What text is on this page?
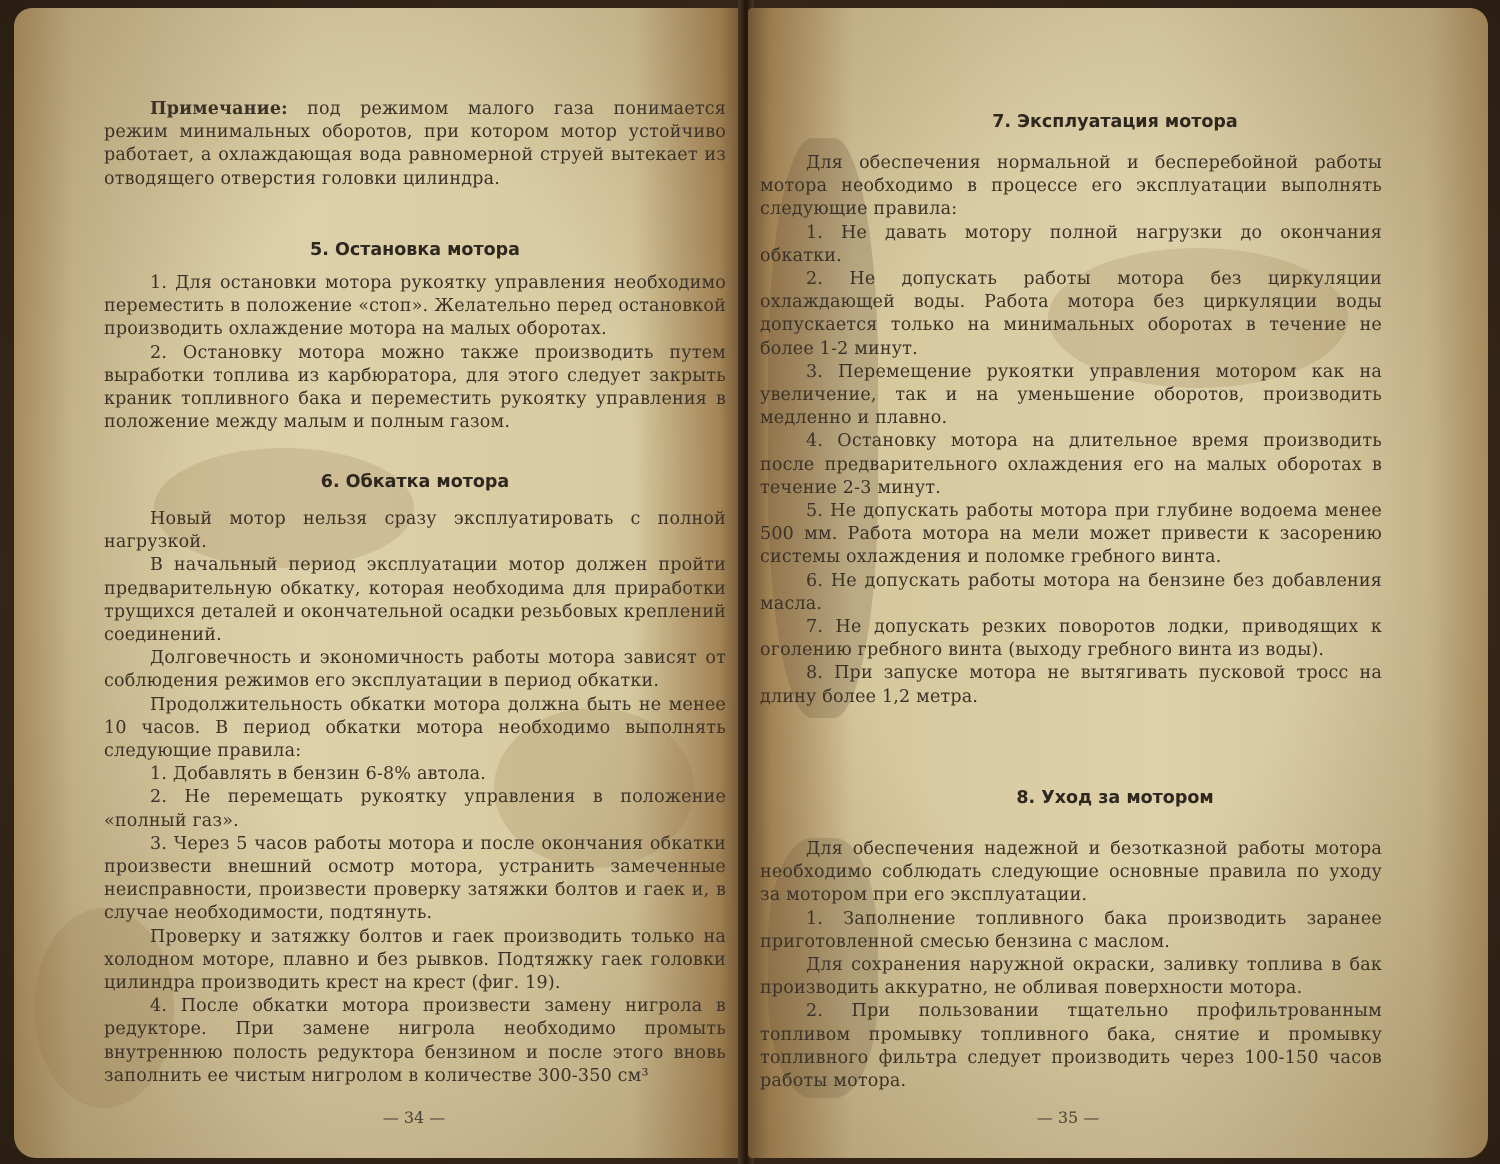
Примечание: под режимом малого газа понимается режим минимальных оборотов, при котором мотор устойчиво работает, а охлаждающая вода равномерной струей вытекает из отводящего отверстия головки цилиндра.

5. Остановка мотора

1. Для остановки мотора рукоятку управления необходимо переместить в положение «стоп». Желательно перед остановкой производить охлаждение мотора на малых оборотах.

2. Остановку мотора можно также производить путем выработки топлива из карбюратора, для этого следует закрыть краник топливного бака и переместить рукоятку управления в положение между малым и полным газом.

6. Обкатка мотора

Новый мотор нельзя сразу эксплуатировать с полной нагрузкой.

В начальный период эксплуатации мотор должен пройти предварительную обкатку, которая необходима для приработки трущихся деталей и окончательной осадки резьбовых креплений соединений.

Долговечность и экономичность работы мотора зависят от соблюдения режимов его эксплуатации в период обкатки.

Продолжительность обкатки мотора должна быть не менее 10 часов. В период обкатки мотора необходимо выполнять следующие правила:

1. Добавлять в бензин 6-8% автола.

2. Не перемещать рукоятку управления в положение «полный газ».

3. Через 5 часов работы мотора и после окончания обкатки произвести внешний осмотр мотора, устранить замеченные неисправности, произвести проверку затяжки болтов и гаек и, в случае необходимости, подтянуть.

Проверку и затяжку болтов и гаек производить только на холодном моторе, плавно и без рывков. Подтяжку гаек головки цилиндра производить крест на крест (фиг. 19).

4. После обкатки мотора произвести замену нигрола в редукторе. При замене нигрола необходимо промыть внутреннюю полость редуктора бензином и после этого вновь заполнить ее чистым нигролом в количестве 300-350 см³

— 34 —
7. Эксплуатация мотора

Для обеспечения нормальной и бесперебойной работы мотора необходимо в процессе его эксплуатации выполнять следующие правила:

1. Не давать мотору полной нагрузки до окончания обкатки.

2. Не допускать работы мотора без циркуляции охлаждающей воды. Работа мотора без циркуляции воды допускается только на минимальных оборотах в течение не более 1-2 минут.

3. Перемещение рукоятки управления мотором как на увеличение, так и на уменьшение оборотов, производить медленно и плавно.

4. Остановку мотора на длительное время производить после предварительного охлаждения его на малых оборотах в течение 2-3 минут.

5. Не допускать работы мотора при глубине водоема менее 500 мм. Работа мотора на мели может привести к засорению системы охлаждения и поломке гребного винта.

6. Не допускать работы мотора на бензине без добавления масла.

7. Не допускать резких поворотов лодки, приводящих к оголению гребного винта (выходу гребного винта из воды).

8. При запуске мотора не вытягивать пусковой тросс на длину более 1,2 метра.

8. Уход за мотором

Для обеспечения надежной и безотказной работы мотора необходимо соблюдать следующие основные правила по уходу за мотором при его эксплуатации.

1. Заполнение топливного бака производить заранее приготовленной смесью бензина с маслом.

Для сохранения наружной окраски, заливку топлива в бак производить аккуратно, не обливая поверхности мотора.

2. При пользовании тщательно профильтрованным топливом промывку топливного бака, снятие и промывку топливного фильтра следует производить через 100-150 часов работы мотора.

— 35 —
